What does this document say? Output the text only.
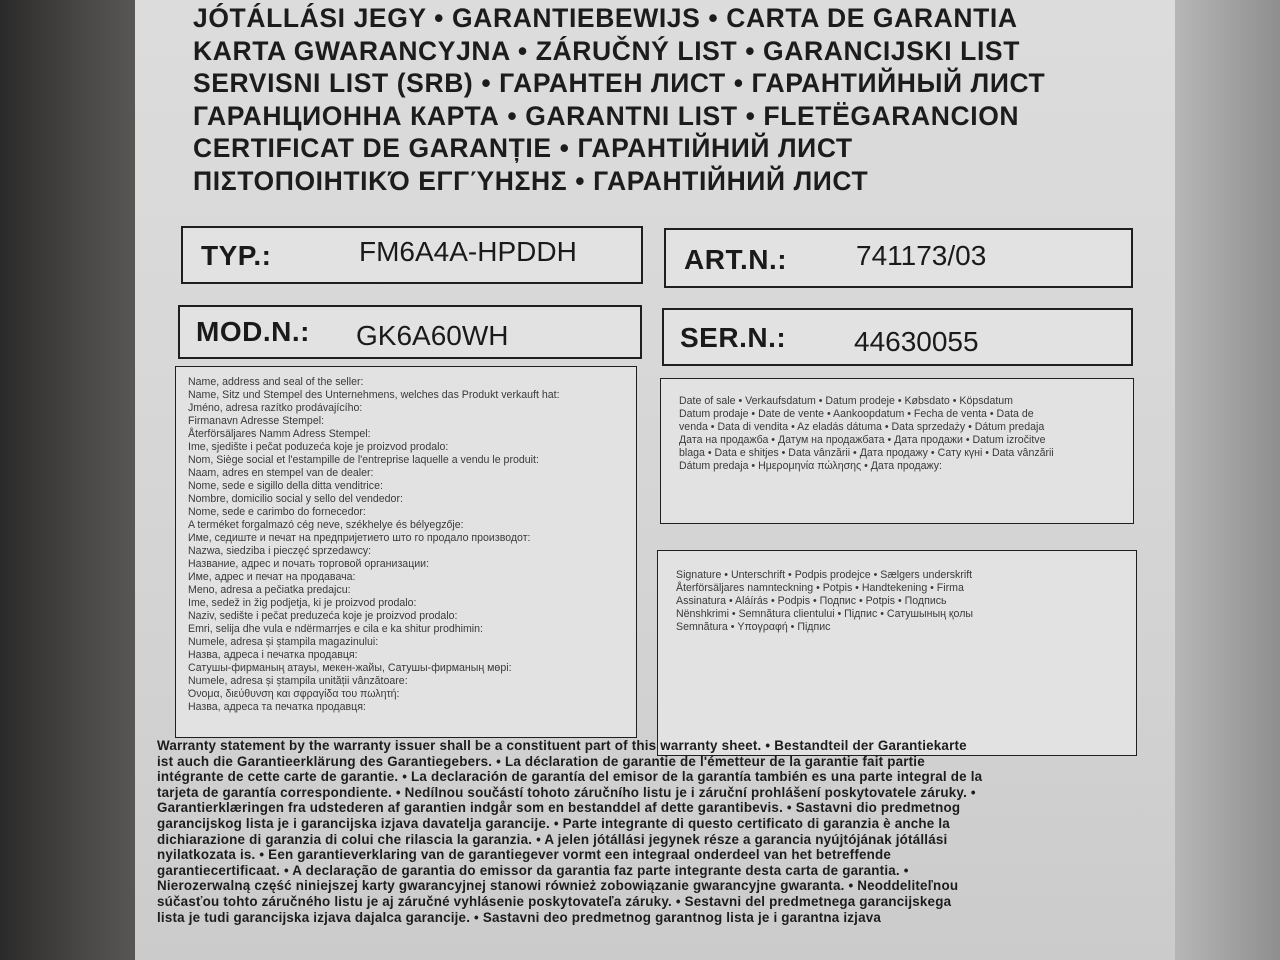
JÓTÁLLÁSI JEGY • GARANTIEBEWIJS • CARTA DE GARANTIA
KARTA GWARANCYJNA • ZÁRUČNÝ LIST • GARANCIJSKI LIST
SERVISNI LIST (SRB) • ГАРАНТЕН ЛИСТ • ГАРАНТИЙНЫЙ ЛИСТ
ГАРАНЦИОННА КАРТА • GARANTNI LIST • FLETËGARANCION
CERTIFICAT DE GARANȚIE • ГАРАНТІЙНИЙ ЛИСТ
ΠΙΣΤΟΠΟΙΗΤΙΚΌ ΕΓΓΎΗΣΗΣ • ГАРАНТІЙНИЙ ЛИСТ
TYP.:	FM6A4A-HPDDH	ART.N.: 741173/03
MOD.N.: GK6A60WH	SER.N.: 44630055
Name, address and seal of the seller:
Name, Sitz und Stempel des Unternehmens, welches das Produkt verkauft hat:
Jméno, adresa razítko prodávajícího:
Firmanavn Adresse Stempel:
Återförsäljares Namm Adress Stempel:
Ime, sjedište i pečat poduzeća koje je proizvod prodalo:
Nom, Siège social et l'estampille de l'entreprise laquelle a vendu le produit:
Naam, adres en stempel van de dealer:
Nome, sede e sigillo della ditta venditrice:
Nombre, domicilio social y sello del vendedor:
Nome, sede e carimbo do fornecedor:
A terméket forgalmazó cég neve, székhelye és bélyegzője:
Име, седиште и печат на предпријетието што го продало производот:
Nazwa, siedziba i pieczęć sprzedawcy:
Название, адрес и почать торговой организации:
Име, адрес и печат на продавача:
Meno, adresa a pečiatka predajcu:
Ime, sedež in žig podjetja, ki je proizvod prodalo:
Naziv, sedište i pečat preduzeća koje je proizvod prodalo:
Emri, selija dhe vula e ndërmarrjes e cila e ka shitur prodhimin:
Numele, adresa și ștampila magazinului:
Назва, адреса і печатка продавця:
Сатушы-фирманың атауы, мекен-жайы, Сатушы-фирманың мөрі:
Numele, adresa și ștampila unității vânzătoare:
Όνομα, διεύθυνση και σφραγίδα του πωλητή:
Назва, адреса та печатка продавця:
Date of sale • Verkaufsdatum • Datum prodeje • Købsdato • Köpsdatum
Datum prodaje • Date de vente • Aankoopdatum • Fecha de venta • Data de
venda • Data di vendita • Az eladás dátuma • Data sprzedaży • Dátum predaja
Дата на продажба • Датум на продажбата • Дата продажи • Datum izročitve
blaga • Data e shitjes • Data vânzării • Дата продажу • Сату күні • Data vânzării
Dátum predaja • Ημερομηνία πώλησης • Дата продажу:
Signature • Unterschrift • Podpis prodejce • Sælgers underskrift
Återförsäljares namnteckning • Potpis • Handtekening • Firma
Assinatura • Aláírás • Podpis • Подпис • Potpis • Подпись
Nënshkrimi • Semnătura clientului • Підпис • Сатушының қолы
Semnătura • Υπογραφή • Підпис
Warranty statement by the warranty issuer shall be a constituent part of this warranty sheet. • Bestandteil der Garantiekarte
ist auch die Garantieerklärung des Garantiegebers. • La déclaration de garantie de l'émetteur de la garantie fait partie
intégrante de cette carte de garantie. • La declaración de garantía del emisor de la garantía también es una parte integral de la
tarjeta de garantía correspondiente. • Nedílnou součástí tohoto záručního listu je i záruční prohlášení poskytovatele záruky. •
Garantierklæringen fra udstederen af garantien indgår som en bestanddel af dette garantibevis. • Sastavni dio predmetnog
garancijskog lista je i garancijska izjava davatelja garancije. • Parte integrante di questo certificato di garanzia è anche la
dichiarazione di garanzia di colui che rilascia la garanzia. • A jelen jótállási jegynek része a garancia nyújtójának jótállási
nyilatkozata is. • Een garantieverklaring van de garantiegever vormt een integraal onderdeel van het betreffende
garantiecertificaat. • A declaração de garantia do emissor da garantia faz parte integrante desta carta de garantia. •
Nierozerwalną część niniejszej karty gwarancyjnej stanowi również zobowiązanie gwarancyjne gwaranta. • Neoddeliteľnou
súčasťou tohto záručného listu je aj záručné vyhlásenie poskytovateľa záruky. • Sestavni del predmetnega garancijskega
lista je tudi garancijska izjava dajalca garancije. • Sastavni deo predmetnog garantnog lista je i garantna izjava
